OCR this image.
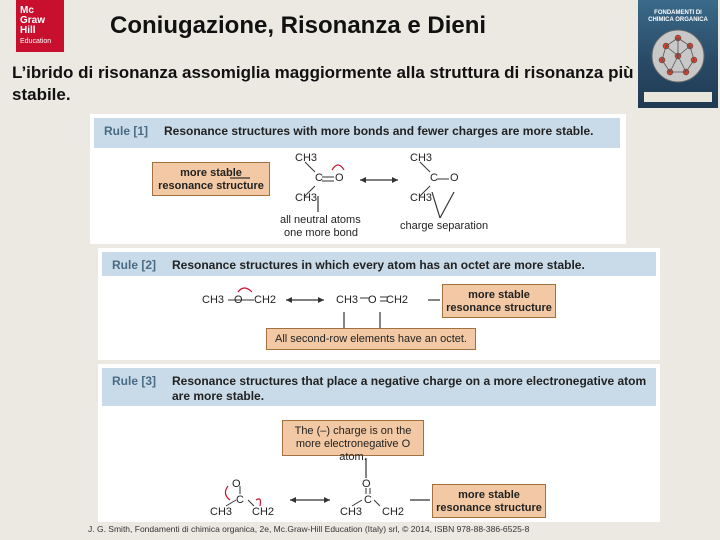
Mc
Graw
Hill
Education
Coniugazione, Risonanza e Dieni	FONDAMENTI DI CHIMICA ORGANICA
L’ibrido di risonanza assomiglia maggiormente alla struttura di risonanza più stabile.
Rule [1] Resonance structures with more bonds and fewer charges are more stable.
more stable resonance structure
CH3
C O
CH3
CH3
C O
CH3
all neutral atoms
one more bond
charge separation
Rule [2] Resonance structures in which every atom has an octet are more stable.
CH3 O CH2	CH3 O CH2	more stable resonance structure
All second-row elements have an octet.
Rule [3] Resonance structures that place a negative charge on a more electronegative atom are more stable.
The (–) charge is on the more electronegative O atom.
O
C
CH2
CH3
O
C
CH2
CH3
more stable resonance structure
J. G. Smith, Fondamenti di chimica organica, 2e, Mc.Graw-Hill Education (Italy) srl, © 2014, ISBN 978-88-386-6525-8
